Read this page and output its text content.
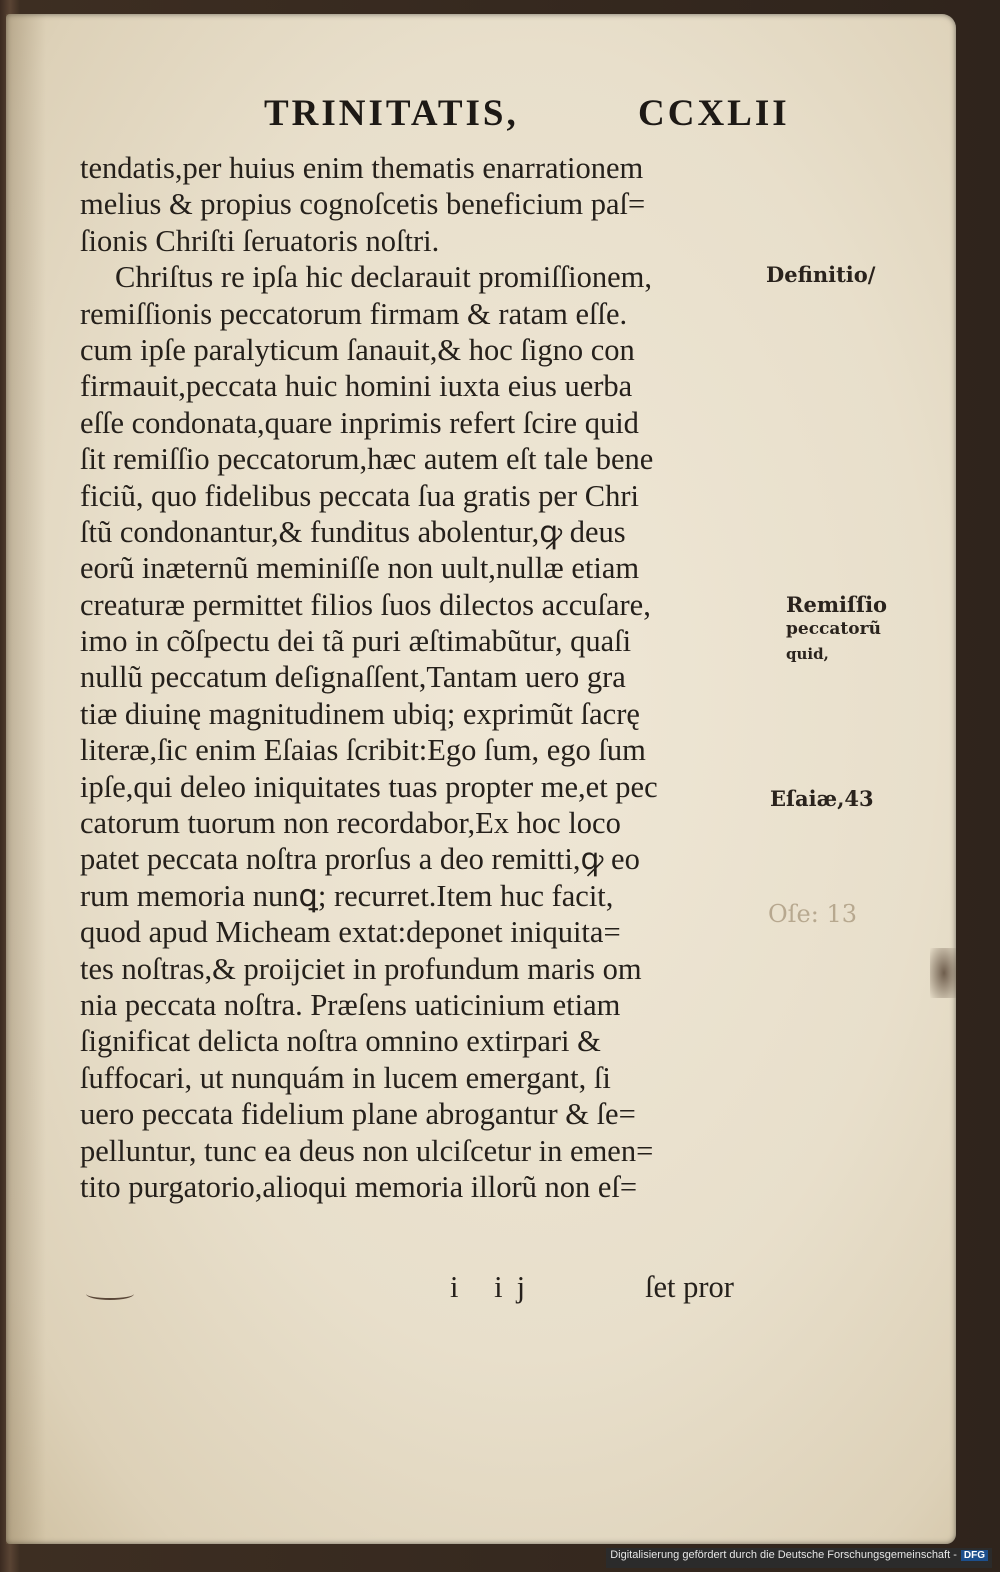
TRINITATIS,	CCXLII
tendatis,per huius enim thematis enarrationem
melius & propius cognoſcetis beneficium paſ=
ſionis Chriſti ſeruatoris noſtri.
Chriſtus re ipſa hic declarauit promiſſionem,
remiſſionis peccatorum firmam & ratam eſſe.
cum ipſe paralyticum ſanauit,& hoc ſigno con
firmauit,peccata huic homini iuxta eius uerba
eſſe condonata,quare inprimis refert ſcire quid
ſit remiſſio peccatorum,hæc autem eſt tale bene
ficiũ, quo fidelibus peccata ſua gratis per Chri
ſtũ condonantur,& funditus abolentur,ꝙ deus
eorũ inæternũ meminiſſe non uult,nullæ etiam
creaturæ permittet filios ſuos dilectos accuſare,
imo in cõſpectu dei tã puri æſtimabũtur, quaſi
nullũ peccatum deſignaſſent,Tantam uero gra
tiæ diuinę magnitudinem ubiq; exprimũt ſacrę
literæ,ſic enim Eſaias ſcribit:Ego ſum, ego ſum
ipſe,qui deleo iniquitates tuas propter me,et pec
catorum tuorum non recordabor,Ex hoc loco
patet peccata noſtra prorſus a deo remitti,ꝙ eo
rum memoria nunꝗ; recurret.Item huc facit,
quod apud Micheam extat:deponet iniquita=
tes noſtras,& proijciet in profundum maris om
nia peccata noſtra. Præſens uaticinium etiam
ſignificat delicta noſtra omnino extirpari &
ſuffocari, ut nunquám in lucem emergant, ſi
uero peccata fidelium plane abrogantur & ſe=
pelluntur, tunc ea deus non ulciſcetur in emen=
tito purgatorio,alioqui memoria illorũ non eſ=
i ij	ſet pror
Definitio/
Remiſſio
peccatorũ
quid,
Eſaiæ,43
Oſe: 13
Digitalisierung gefördert durch die Deutsche Forschungsgemeinschaft - DFG
